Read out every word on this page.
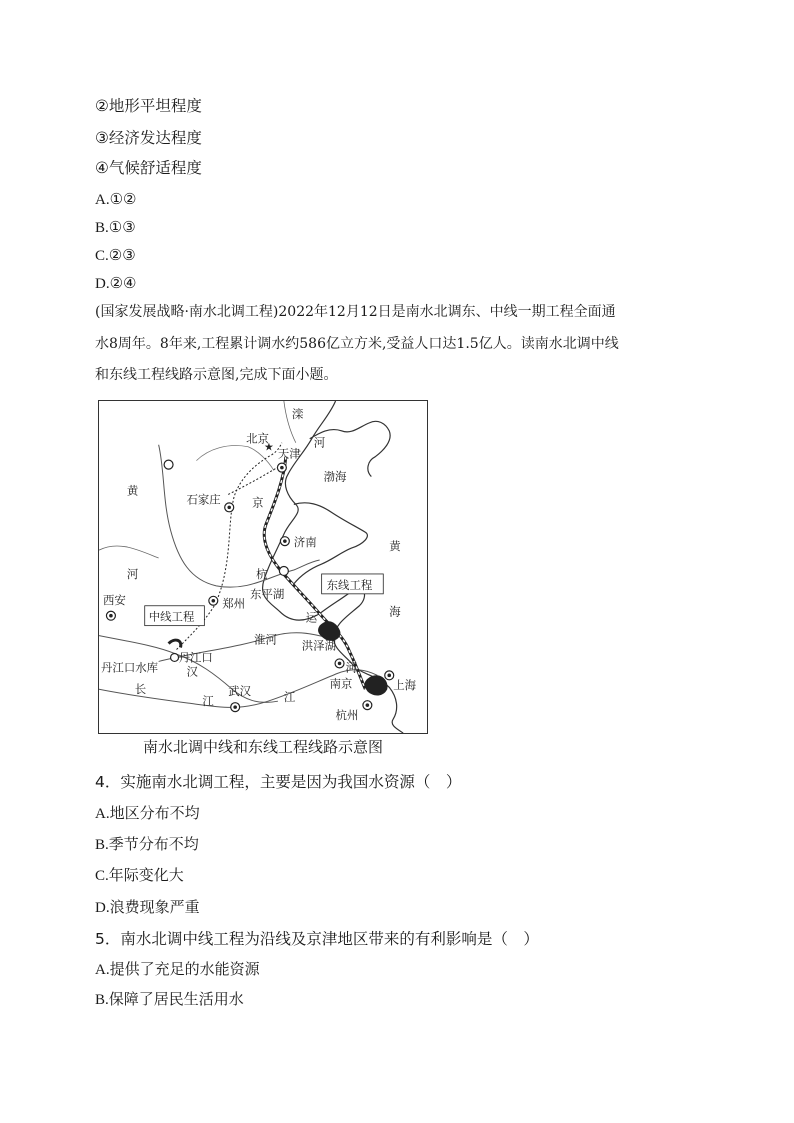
②地形平坦程度
③经济发达程度
④气候舒适程度
A.①②
B.①③
C.②③
D.②④
(国家发展战略·南水北调工程)2022年12月12日是南水北调东、中线一期工程全面通
水8周年。8年来,工程累计调水约586亿立方米,受益人口达1.5亿人。读南水北调中线
和东线工程线路示意图,完成下面小题。
★
滦
河
北京
天津
渤海
黄
河
石家庄	京
济南	黄
海
杭
东平湖
东线工程
西安	郑州
中线工程	运
淮河 洪泽湖
丹江口
丹江口水库 汉	河
南京	上海
长
江
武汉	江
杭州
南水北调中线和东线工程线路示意图
4．实施南水北调工程，主要是因为我国水资源（　）
A.地区分布不均
B.季节分布不均
C.年际变化大
D.浪费现象严重
5．南水北调中线工程为沿线及京津地区带来的有利影响是（　）
A.提供了充足的水能资源
B.保障了居民生活用水
